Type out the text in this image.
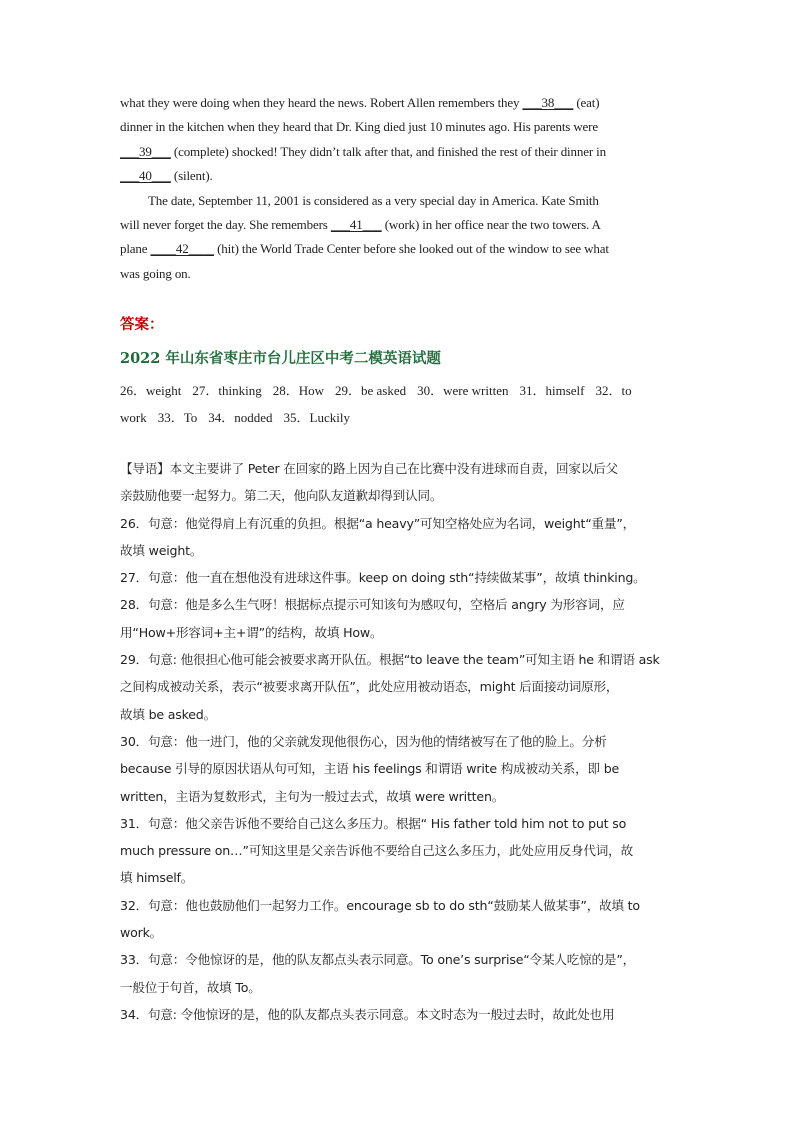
what they were doing when they heard the news. Robert Allen remembers they ___38___ (eat)
dinner in the kitchen when they heard that Dr. King died just 10 minutes ago. His parents were
___39___ (complete) shocked! They didn’t talk after that, and finished the rest of their dinner in
___40___ (silent).
The date, September 11, 2001 is considered as a very special day in America. Kate Smith
will never forget the day. She remembers ___41___ (work) in her office near the two towers. A
plane ____42____ (hit) the World Trade Center before she looked out of the window to see what
was going on.
答案：
2022 年山东省枣庄市台儿庄区中考二模英语试题
26．weight 27．thinking 28．How 29．be asked 30．were written 31．himself 32．to
work 33．To 34．nodded 35．Luckily
【导语】本文主要讲了 Peter 在回家的路上因为自己在比赛中没有进球而自责，回家以后父
亲鼓励他要一起努力。第二天，他向队友道歉却得到认同。
26．句意：他觉得肩上有沉重的负担。根据“a heavy”可知空格处应为名词，weight“重量”，
故填 weight。
27．句意：他一直在想他没有进球这件事。keep on doing sth“持续做某事”，故填 thinking。
28．句意：他是多么生气呀！根据标点提示可知该句为感叹句，空格后 angry 为形容词，应
用“How+形容词+主+谓”的结构，故填 How。
29．句意: 他很担心他可能会被要求离开队伍。根据“to leave the team”可知主语 he 和谓语 ask
之间构成被动关系，表示“被要求离开队伍”，此处应用被动语态，might 后面接动词原形，
故填 be asked。
30．句意：他一进门，他的父亲就发现他很伤心，因为他的情绪被写在了他的脸上。分析
because 引导的原因状语从句可知，主语 his feelings 和谓语 write 构成被动关系，即 be
written，主语为复数形式，主句为一般过去式，故填 were written。
31．句意：他父亲告诉他不要给自己这么多压力。根据“ His father told him not to put so
much pressure on…”可知这里是父亲告诉他不要给自己这么多压力，此处应用反身代词，故
填 himself。
32．句意：他也鼓励他们一起努力工作。encourage sb to do sth“鼓励某人做某事”，故填 to
work。
33．句意：令他惊讶的是，他的队友都点头表示同意。To one’s surprise“令某人吃惊的是”，
一般位于句首，故填 To。
34．句意: 令他惊讶的是，他的队友都点头表示同意。本文时态为一般过去时，故此处也用
